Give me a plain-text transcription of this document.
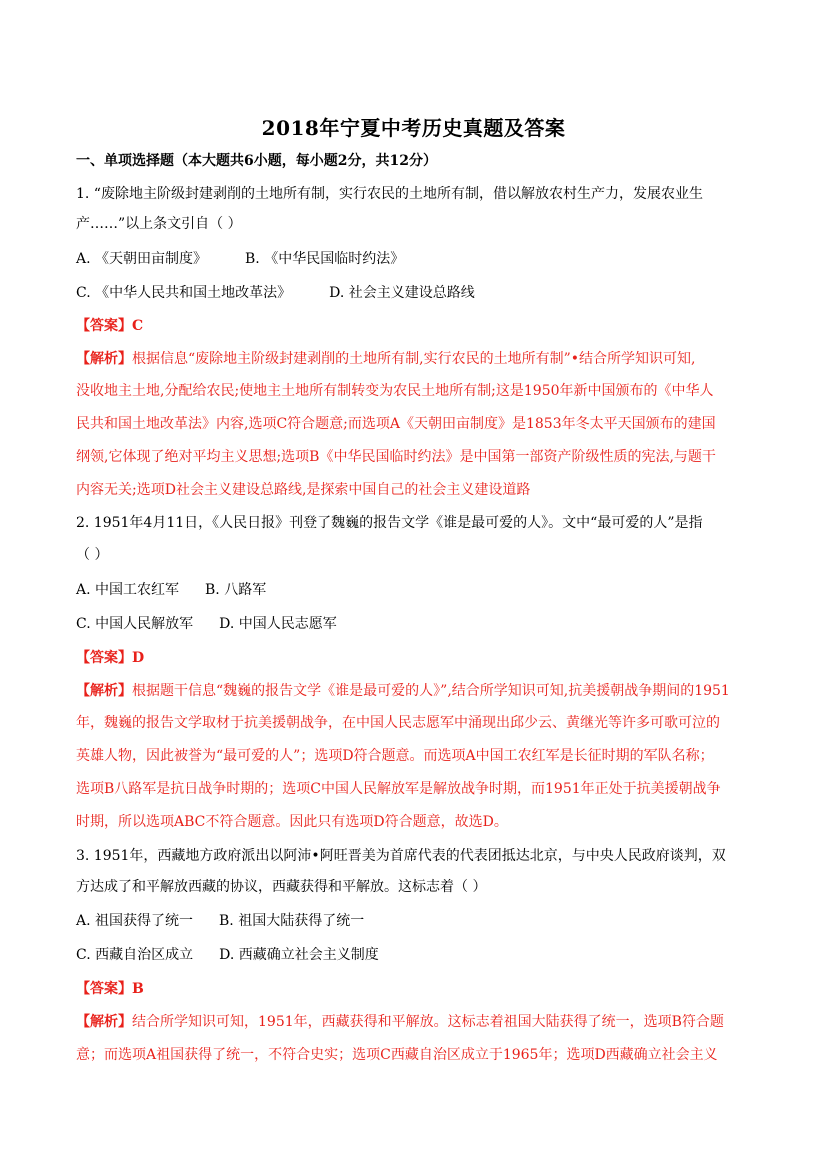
2018年宁夏中考历史真题及答案
一、单项选择题（本大题共6小题，每小题2分，共12分）
1. “废除地主阶级封建剥削的土地所有制，实行农民的土地所有制，借以解放农村生产力，发展农业生
产……”以上条文引自（ ）
A. 《天朝田亩制度》	B. 《中华民国临时约法》
C. 《中华人民共和国土地改革法》	D. 社会主义建设总路线
【答案】C
【解析】根据信息“废除地主阶级封建剥削的土地所有制,实行农民的土地所有制”•结合所学知识可知,
没收地主土地,分配给农民;使地主土地所有制转变为农民土地所有制;这是1950年新中国颁布的《中华人
民共和国土地改革法》内容,选项C符合题意;而选项A《天朝田亩制度》是1853年冬太平天国颁布的建国
纲领,它体现了绝对平均主义思想;选项B《中华民国临时约法》是中国第一部资产阶级性质的宪法,与题干
内容无关;选项D社会主义建设总路线,是探索中国自己的社会主义建设道路
2. 1951年4月11日，《人民日报》刊登了魏巍的报告文学《谁是最可爱的人》。文中“最可爱的人”是指
（ ）
A. 中国工农红军 B. 八路军
C. 中国人民解放军 D. 中国人民志愿军
【答案】D
【解析】根据题干信息“魏巍的报告文学《谁是最可爱的人》”,结合所学知识可知,抗美援朝战争期间的1951
年，魏巍的报告文学取材于抗美援朝战争，在中国人民志愿军中涌现出邱少云、黄继光等许多可歌可泣的
英雄人物，因此被誉为“最可爱的人”；选项D符合题意。而选项A中国工农红军是长征时期的军队名称；
选项B八路军是抗日战争时期的；选项C中国人民解放军是解放战争时期，而1951年正处于抗美援朝战争
时期，所以选项ABC不符合题意。因此只有选项D符合题意，故选D。
3. 1951年，西藏地方政府派出以阿沛•阿旺晋美为首席代表的代表团抵达北京，与中央人民政府谈判，双
方达成了和平解放西藏的协议，西藏获得和平解放。这标志着（ ）
A. 祖国获得了统一 B. 祖国大陆获得了统一
C. 西藏自治区成立 D. 西藏确立社会主义制度
【答案】B
【解析】结合所学知识可知，1951年，西藏获得和平解放。这标志着祖国大陆获得了统一，选项B符合题
意；而选项A祖国获得了统一，不符合史实；选项C西藏自治区成立于1965年；选项D西藏确立社会主义
